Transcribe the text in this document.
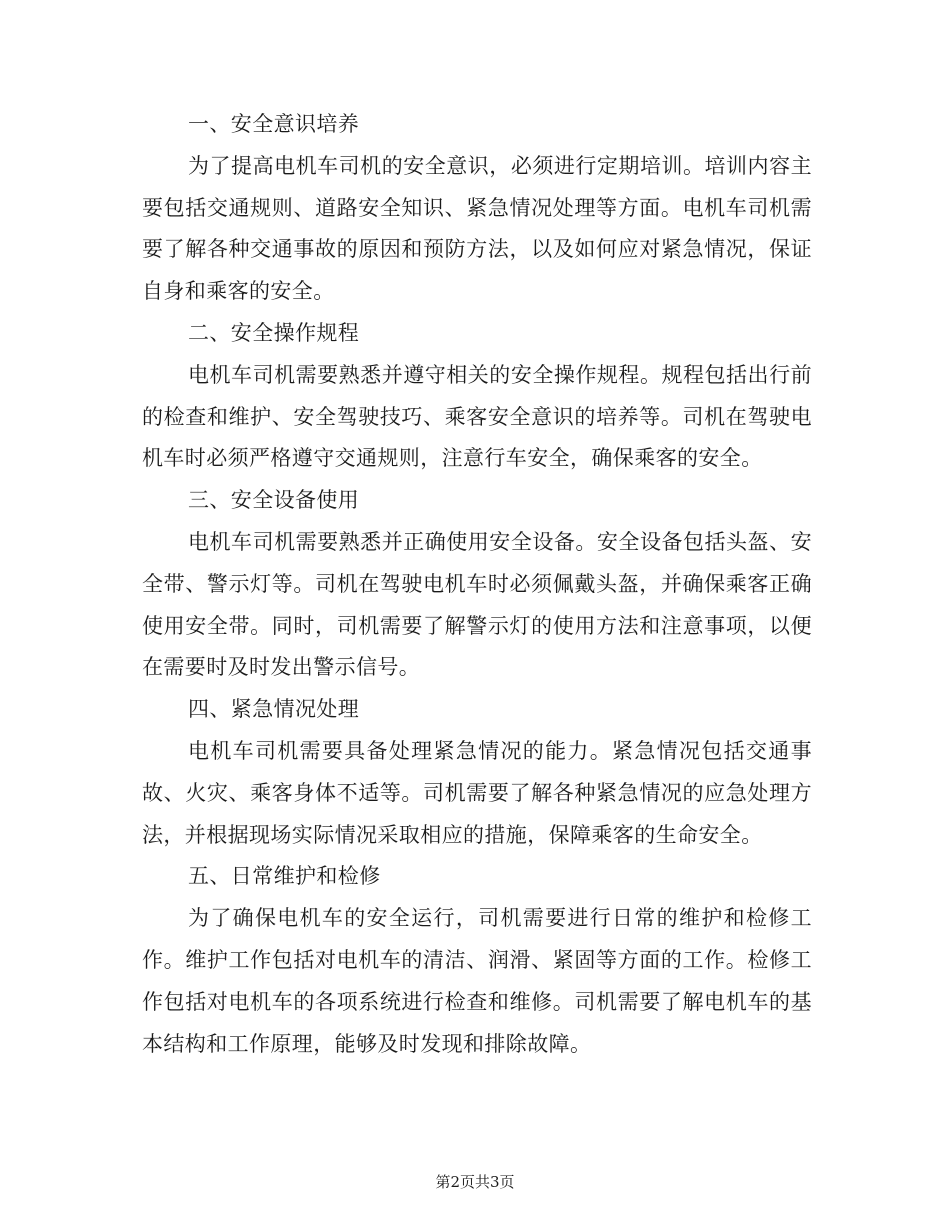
一、安全意识培养

为了提高电机车司机的安全意识，必须进行定期培训。培训内容主要包括交通规则、道路安全知识、紧急情况处理等方面。电机车司机需要了解各种交通事故的原因和预防方法，以及如何应对紧急情况，保证自身和乘客的安全。

二、安全操作规程

电机车司机需要熟悉并遵守相关的安全操作规程。规程包括出行前的检查和维护、安全驾驶技巧、乘客安全意识的培养等。司机在驾驶电机车时必须严格遵守交通规则，注意行车安全，确保乘客的安全。

三、安全设备使用

电机车司机需要熟悉并正确使用安全设备。安全设备包括头盔、安全带、警示灯等。司机在驾驶电机车时必须佩戴头盔，并确保乘客正确使用安全带。同时，司机需要了解警示灯的使用方法和注意事项，以便在需要时及时发出警示信号。

四、紧急情况处理

电机车司机需要具备处理紧急情况的能力。紧急情况包括交通事故、火灾、乘客身体不适等。司机需要了解各种紧急情况的应急处理方法，并根据现场实际情况采取相应的措施，保障乘客的生命安全。

五、日常维护和检修

为了确保电机车的安全运行，司机需要进行日常的维护和检修工作。维护工作包括对电机车的清洁、润滑、紧固等方面的工作。检修工作包括对电机车的各项系统进行检查和维修。司机需要了解电机车的基本结构和工作原理，能够及时发现和排除故障。

第2页共3页
